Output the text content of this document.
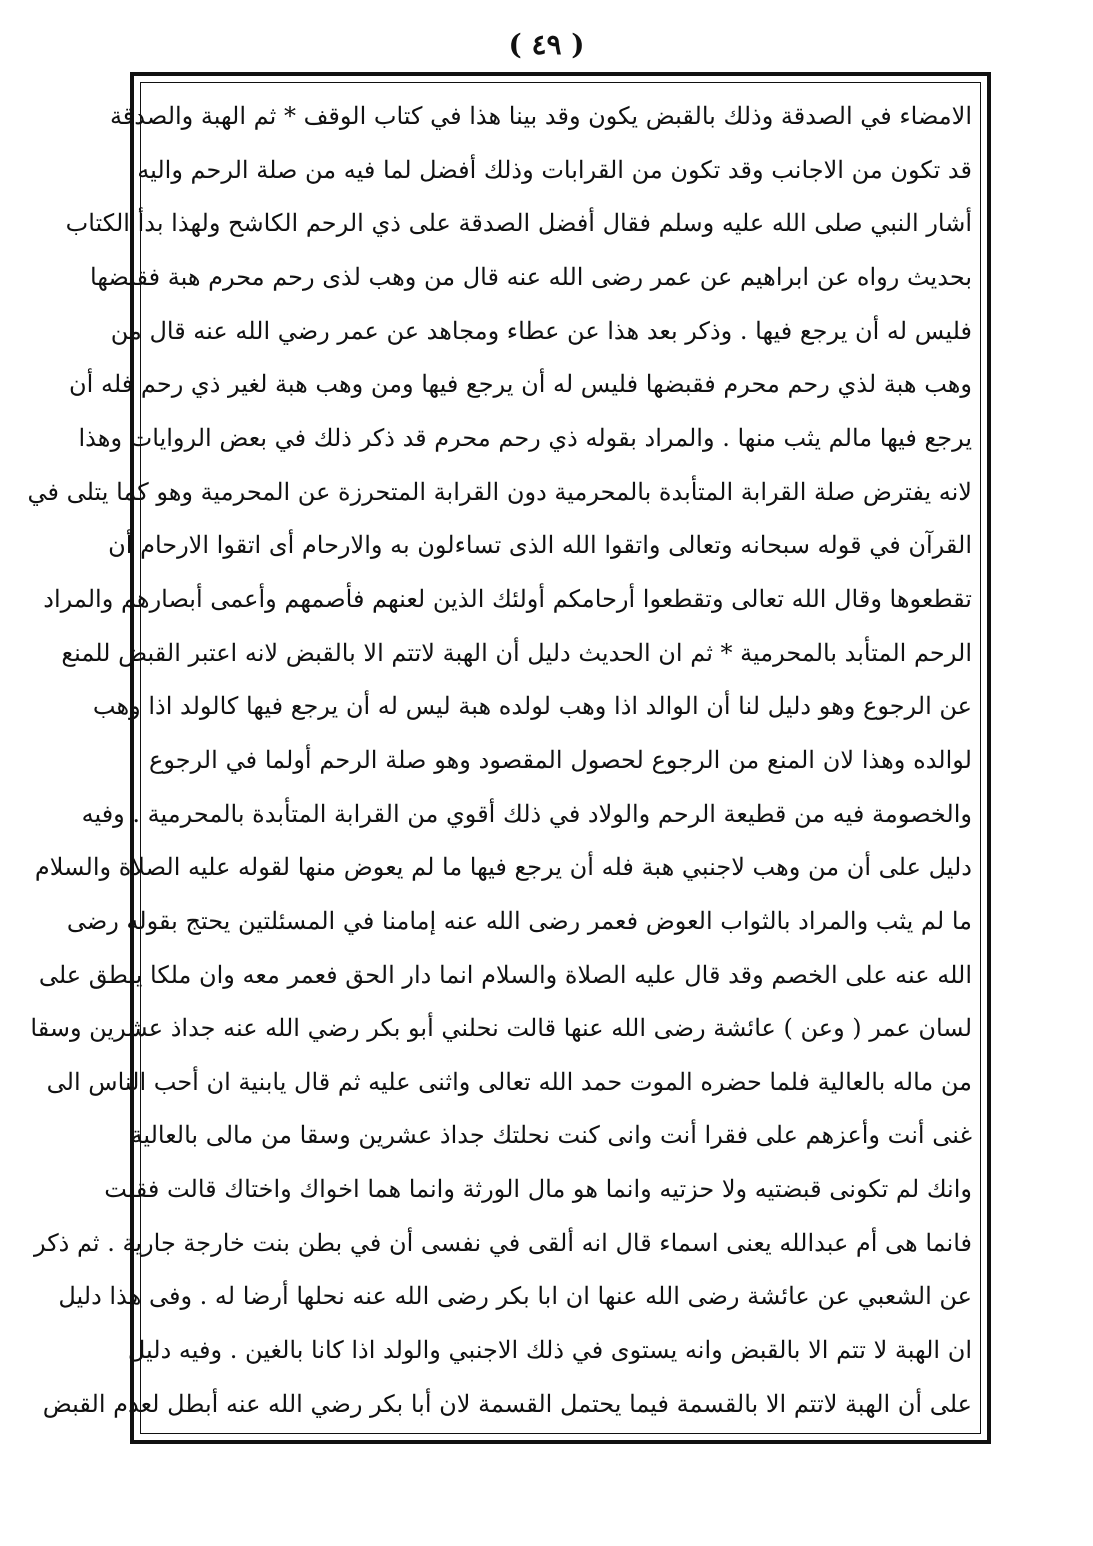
( ٤٩ )
الامضاء في الصدقة وذلك بالقبض يكون وقد بينا هذا في كتاب الوقف * ثم الهبة والصدقة
قد تكون من الاجانب وقد تكون من القرابات وذلك أفضل لما فيه من صلة الرحم واليه
أشار النبي صلى الله عليه وسلم فقال أفضل الصدقة على ذي الرحم الكاشح ولهذا بدأ الكتاب
بحديث رواه عن ابراهيم عن عمر رضى الله عنه قال من وهب لذى رحم محرم هبة فقبضها
فليس له أن يرجع فيها . وذكر بعد هذا عن عطاء ومجاهد عن عمر رضي الله عنه قال من
وهب هبة لذي رحم محرم فقبضها فليس له أن يرجع فيها ومن وهب هبة لغير ذي رحم فله أن
يرجع فيها مالم يثب منها . والمراد بقوله ذي رحم محرم قد ذكر ذلك في بعض الروايات وهذا
لانه يفترض صلة القرابة المتأبدة بالمحرمية دون القرابة المتحرزة عن المحرمية وهو كما يتلى في
القرآن في قوله سبحانه وتعالى واتقوا الله الذى تساءلون به والارحام أى اتقوا الارحام أن
تقطعوها وقال الله تعالى وتقطعوا أرحامكم أولئك الذين لعنهم فأصمهم وأعمى أبصارهم والمراد
الرحم المتأبد بالمحرمية * ثم ان الحديث دليل أن الهبة لاتتم الا بالقبض لانه اعتبر القبض للمنع
عن الرجوع وهو دليل لنا أن الوالد اذا وهب لولده هبة ليس له أن يرجع فيها كالولد اذا وهب
لوالده وهذا لان المنع من الرجوع لحصول المقصود وهو صلة الرحم أولما في الرجوع
والخصومة فيه من قطيعة الرحم والولاد في ذلك أقوي من القرابة المتأبدة بالمحرمية . وفيه
دليل على أن من وهب لاجنبي هبة فله أن يرجع فيها ما لم يعوض منها لقوله عليه الصلاة والسلام
ما لم يثب والمراد بالثواب العوض فعمر رضى الله عنه إمامنا في المسئلتين يحتج بقوله رضى
الله عنه على الخصم وقد قال عليه الصلاة والسلام انما دار الحق فعمر معه وان ملكا ينطق على
لسان عمر ( وعن ) عائشة رضى الله عنها قالت نحلني أبو بكر رضي الله عنه جداذ عشرين وسقا
من ماله بالعالية فلما حضره الموت حمد الله تعالى واثنى عليه ثم قال يابنية ان أحب الناس الى
غنى أنت وأعزهم على فقرا أنت وانى كنت نحلتك جداذ عشرين وسقا من مالى بالعالية
وانك لم تكونى قبضتيه ولا حزتيه وانما هو مال الورثة وانما هما اخواك واختاك قالت فقلت
فانما هى أم عبدالله يعنى اسماء قال انه ألقى في نفسى أن في بطن بنت خارجة جارية . ثم ذكر
عن الشعبي عن عائشة رضى الله عنها ان ابا بكر رضى الله عنه نحلها أرضا له . وفى هذا دليل
ان الهبة لا تتم الا بالقبض وانه يستوى في ذلك الاجنبي والولد اذا كانا بالغين . وفيه دليل
على أن الهبة لاتتم الا بالقسمة فيما يحتمل القسمة لان أبا بكر رضي الله عنه أبطل لعدم القبض
